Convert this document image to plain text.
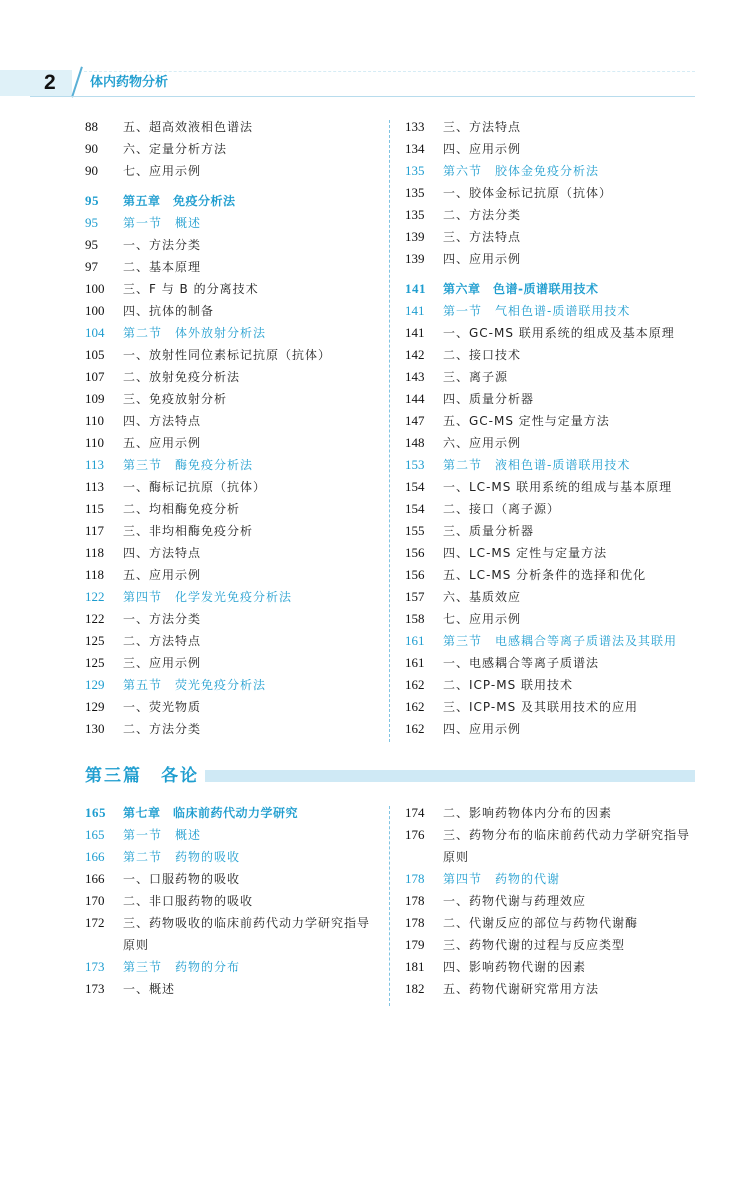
2	体内药物分析
88 五、超高效液相色谱法
90 六、定量分析方法
90 七、应用示例
95 第五章　免疫分析法
95 第一节　概述
95 一、方法分类
97 二、基本原理
100 三、F 与 B 的分离技术
100 四、抗体的制备
104 第二节　体外放射分析法
105 一、放射性同位素标记抗原（抗体）
107 二、放射免疫分析法
109 三、免疫放射分析
110 四、方法特点
110 五、应用示例
113 第三节　酶免疫分析法
113 一、酶标记抗原（抗体）
115 二、均相酶免疫分析
117 三、非均相酶免疫分析
118 四、方法特点
118 五、应用示例
122 第四节　化学发光免疫分析法
122 一、方法分类
125 二、方法特点
125 三、应用示例
129 第五节　荧光免疫分析法
129 一、荧光物质
130 二、方法分类
133 三、方法特点
134 四、应用示例
135 第六节　胶体金免疫分析法
135 一、胶体金标记抗原（抗体）
135 二、方法分类
139 三、方法特点
139 四、应用示例
141 第六章　色谱-质谱联用技术
141 第一节　气相色谱-质谱联用技术
141 一、GC-MS 联用系统的组成及基本原理
142 二、接口技术
143 三、离子源
144 四、质量分析器
147 五、GC-MS 定性与定量方法
148 六、应用示例
153 第二节　液相色谱-质谱联用技术
154 一、LC-MS 联用系统的组成与基本原理
154 二、接口（离子源）
155 三、质量分析器
156 四、LC-MS 定性与定量方法
156 五、LC-MS 分析条件的选择和优化
157 六、基质效应
158 七、应用示例
161 第三节　电感耦合等离子质谱法及其联用
161 一、电感耦合等离子质谱法
162 二、ICP-MS 联用技术
162 三、ICP-MS 及其联用技术的应用
162 四、应用示例
第三篇　各论
165 第七章　临床前药代动力学研究
165 第一节　概述
166 第二节　药物的吸收
166 一、口服药物的吸收
170 二、非口服药物的吸收
172 三、药物吸收的临床前药代动力学研究指导原则
173 第三节　药物的分布
173 一、概述
174 二、影响药物体内分布的因素
176 三、药物分布的临床前药代动力学研究指导原则
178 第四节　药物的代谢
178 一、药物代谢与药理效应
178 二、代谢反应的部位与药物代谢酶
179 三、药物代谢的过程与反应类型
181 四、影响药物代谢的因素
182 五、药物代谢研究常用方法
